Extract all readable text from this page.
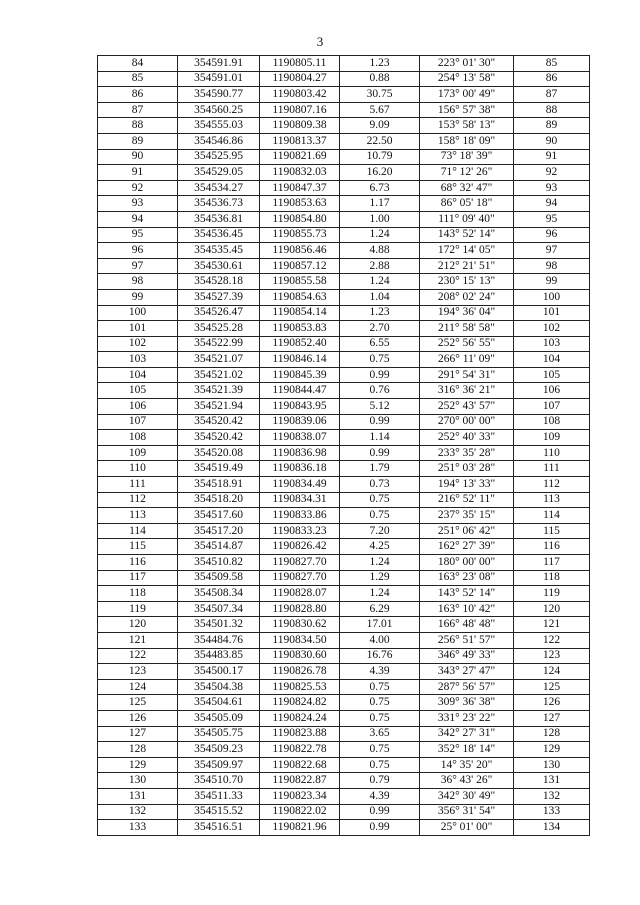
3
84	354591.91	1190805.11	1.23	223° 01' 30"	85
85	354591.01	1190804.27	0.88	254° 13' 58"	86
86	354590.77	1190803.42	30.75	173° 00' 49"	87
87	354560.25	1190807.16	5.67	156° 57' 38"	88
88	354555.03	1190809.38	9.09	153° 58' 13"	89
89	354546.86	1190813.37	22.50	158° 18' 09"	90
90	354525.95	1190821.69	10.79	73° 18' 39"	91
91	354529.05	1190832.03	16.20	71° 12' 26"	92
92	354534.27	1190847.37	6.73	68° 32' 47"	93
93	354536.73	1190853.63	1.17	86° 05' 18"	94
94	354536.81	1190854.80	1.00	111° 09' 40"	95
95	354536.45	1190855.73	1.24	143° 52' 14"	96
96	354535.45	1190856.46	4.88	172° 14' 05"	97
97	354530.61	1190857.12	2.88	212° 21' 51"	98
98	354528.18	1190855.58	1.24	230° 15' 13"	99
99	354527.39	1190854.63	1.04	208° 02' 24"	100
100	354526.47	1190854.14	1.23	194° 36' 04"	101
101	354525.28	1190853.83	2.70	211° 58' 58"	102
102	354522.99	1190852.40	6.55	252° 56' 55"	103
103	354521.07	1190846.14	0.75	266° 11' 09"	104
104	354521.02	1190845.39	0.99	291° 54' 31"	105
105	354521.39	1190844.47	0.76	316° 36' 21"	106
106	354521.94	1190843.95	5.12	252° 43' 57"	107
107	354520.42	1190839.06	0.99	270° 00' 00"	108
108	354520.42	1190838.07	1.14	252° 40' 33"	109
109	354520.08	1190836.98	0.99	233° 35' 28"	110
110	354519.49	1190836.18	1.79	251° 03' 28"	111
111	354518.91	1190834.49	0.73	194° 13' 33"	112
112	354518.20	1190834.31	0.75	216° 52' 11"	113
113	354517.60	1190833.86	0.75	237° 35' 15"	114
114	354517.20	1190833.23	7.20	251° 06' 42"	115
115	354514.87	1190826.42	4.25	162° 27' 39"	116
116	354510.82	1190827.70	1.24	180° 00' 00"	117
117	354509.58	1190827.70	1.29	163° 23' 08"	118
118	354508.34	1190828.07	1.24	143° 52' 14"	119
119	354507.34	1190828.80	6.29	163° 10' 42"	120
120	354501.32	1190830.62	17.01	166° 48' 48"	121
121	354484.76	1190834.50	4.00	256° 51' 57"	122
122	354483.85	1190830.60	16.76	346° 49' 33"	123
123	354500.17	1190826.78	4.39	343° 27' 47"	124
124	354504.38	1190825.53	0.75	287° 56' 57"	125
125	354504.61	1190824.82	0.75	309° 36' 38"	126
126	354505.09	1190824.24	0.75	331° 23' 22"	127
127	354505.75	1190823.88	3.65	342° 27' 31"	128
128	354509.23	1190822.78	0.75	352° 18' 14"	129
129	354509.97	1190822.68	0.75	14° 35' 20"	130
130	354510.70	1190822.87	0.79	36° 43' 26"	131
131	354511.33	1190823.34	4.39	342° 30' 49"	132
132	354515.52	1190822.02	0.99	356° 31' 54"	133
133	354516.51	1190821.96	0.99	25° 01' 00"	134
